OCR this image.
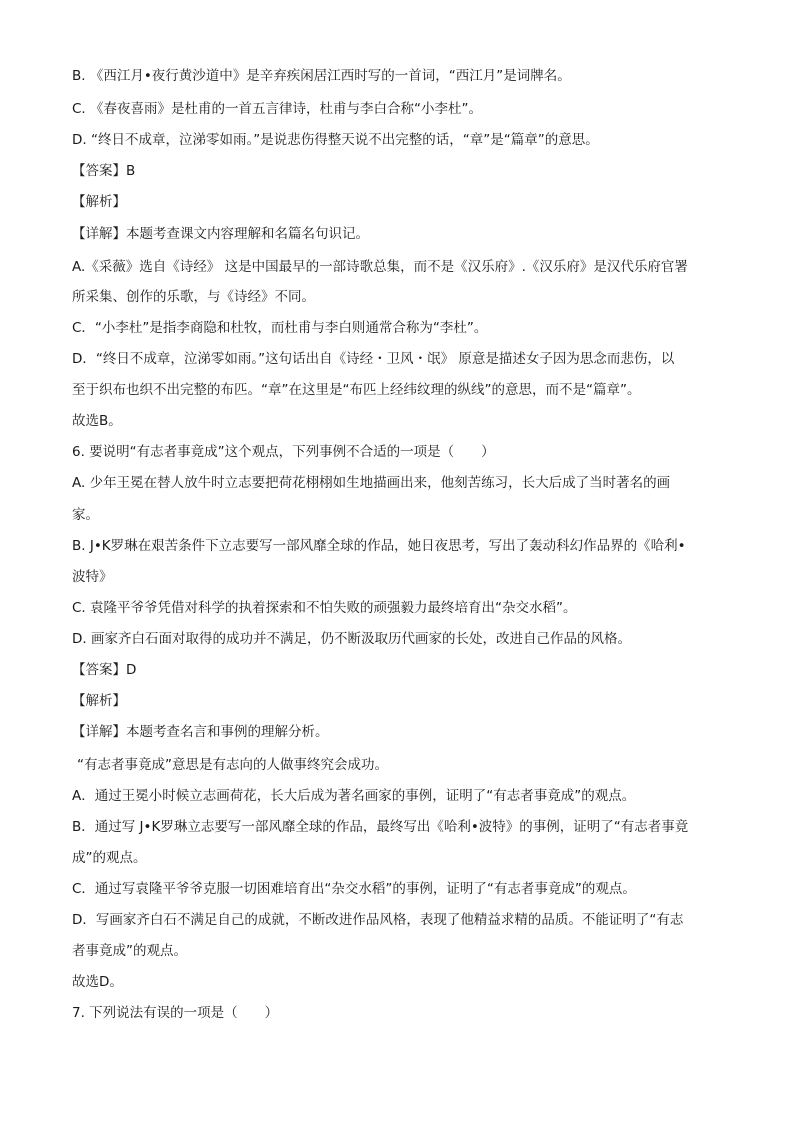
B. 《西江月•夜行黄沙道中》是辛弃疾闲居江西时写的一首词，“西江月”是词牌名。
C. 《春夜喜雨》是杜甫的一首五言律诗，杜甫与李白合称“小李杜”。
D. “终日不成章，泣涕零如雨。”是说悲伤得整天说不出完整的话，“章”是“篇章”的意思。
【答案】B
【解析】
【详解】本题考查课文内容理解和名篇名句识记。
A.《采薇》选自《诗经》 这是中国最早的一部诗歌总集，而不是《汉乐府》.《汉乐府》是汉代乐府官署
所采集、创作的乐歌，与《诗经》不同。
C．“小李杜”是指李商隐和杜牧，而杜甫与李白则通常合称为“李杜”。
D．“终日不成章，泣涕零如雨。”这句话出自《诗经・卫风・氓》 原意是描述女子因为思念而悲伤，以
至于织布也织不出完整的布匹。“章”在这里是“布匹上经纬纹理的纵线”的意思，而不是“篇章”。
故选B。
6. 要说明“有志者事竟成”这个观点，下列事例不合适的一项是（　　）
A. 少年王冕在替人放牛时立志要把荷花栩栩如生地描画出来，他刻苦练习，长大后成了当时著名的画
家。
B. J•K罗琳在艰苦条件下立志要写一部风靡全球的作品，她日夜思考，写出了轰动科幻作品界的《哈利•
波特》
C. 袁隆平爷爷凭借对科学的执着探索和不怕失败的顽强毅力最终培育出“杂交水稻”。
D. 画家齐白石面对取得的成功并不满足，仍不断汲取历代画家的长处，改进自己作品的风格。
【答案】D
【解析】
【详解】本题考查名言和事例的理解分析。
“有志者事竟成”意思是有志向的人做事终究会成功。
A．通过王冕小时候立志画荷花，长大后成为著名画家的事例，证明了“有志者事竟成”的观点。
B．通过写 J•K罗琳立志要写一部风靡全球的作品，最终写出《哈利•波特》的事例，证明了“有志者事竟
成”的观点。
C．通过写袁隆平爷爷克服一切困难培育出“杂交水稻”的事例，证明了“有志者事竟成”的观点。
D．写画家齐白石不满足自己的成就，不断改进作品风格，表现了他精益求精的品质。不能证明了“有志
者事竟成”的观点。
故选D。
7. 下列说法有误的一项是（　　）
